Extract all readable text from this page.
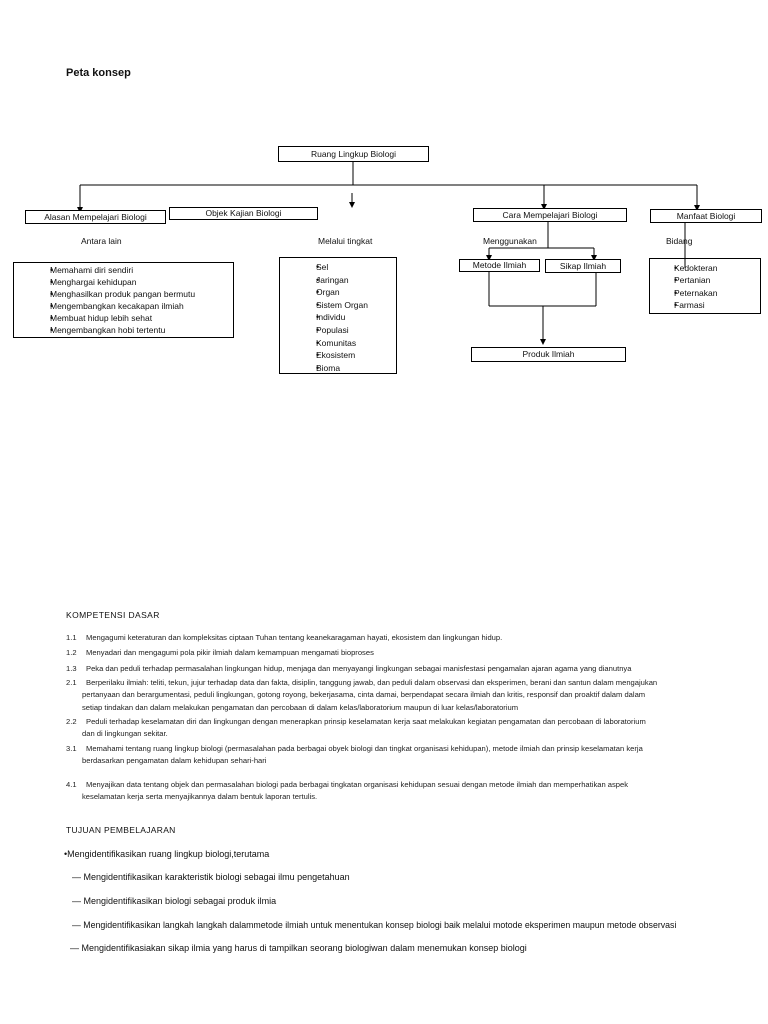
Peta konsep
Ruang Lingkup Biologi
Alasan Mempelajari Biologi	Objek Kajian Biologi	Cara Mempelajari Biologi	Manfaat Biologi
Antara lain	Melalui tingkat	Menggunakan	Bidang
• Memahami diri sendiri
• Menghargai kehidupan
• Menghasilkan produk pangan bermutu
• Mengembangkan kecakapan ilmiah
• Membuat hidup lebih sehat
• Mengembangkan hobi tertentu
• Sel
• Jaringan
• Organ
• Sistem Organ
• Individu
• Populasi
• Komunitas
• Ekosistem
• Bioma
Metode Ilmiah	Sikap Ilmiah
Produk Ilmiah
• Kedokteran
• Pertanian
• Peternakan
• Farmasi
KOMPETENSI DASAR
1.1 Mengagumi keteraturan dan kompleksitas ciptaan Tuhan tentang keanekaragaman hayati, ekosistem dan lingkungan hidup.
1.2 Menyadari dan mengagumi pola pikir ilmiah dalam kemampuan mengamati bioproses
1.3 Peka dan peduli terhadap permasalahan lingkungan hidup, menjaga dan menyayangi lingkungan sebagai manisfestasi pengamalan ajaran agama yang dianutnya
2.1 Berperilaku ilmiah: teliti, tekun, jujur terhadap data dan fakta, disiplin, tanggung jawab, dan peduli dalam observasi dan eksperimen, berani dan santun dalam mengajukan
pertanyaan dan berargumentasi, peduli lingkungan, gotong royong, bekerjasama, cinta damai, berpendapat secara ilmiah dan kritis, responsif dan proaktif dalam dalam
setiap tindakan dan dalam melakukan pengamatan dan percobaan di dalam kelas/laboratorium maupun di luar kelas/laboratorium
2.2 Peduli terhadap keselamatan diri dan lingkungan dengan menerapkan prinsip keselamatan kerja saat melakukan kegiatan pengamatan dan percobaan di laboratorium
dan di lingkungan sekitar.
3.1 Memahami tentang ruang lingkup biologi (permasalahan pada berbagai obyek biologi dan tingkat organisasi kehidupan), metode ilmiah dan prinsip keselamatan kerja
berdasarkan pengamatan dalam kehidupan sehari-hari
4.1 Menyajikan data tentang objek dan permasalahan biologi pada berbagai tingkatan organisasi kehidupan sesuai dengan metode ilmiah dan memperhatikan aspek
keselamatan kerja serta menyajikannya dalam bentuk laporan tertulis.
TUJUAN PEMBELAJARAN
•Mengidentifikasikan ruang lingkup biologi,terutama
— Mengidentifikasikan karakteristik biologi sebagai ilmu pengetahuan
— Mengidentifikasikan biologi sebagai produk ilmia
— Mengidentifikasikan langkah langkah dalammetode ilmiah untuk menentukan konsep biologi baik melalui motode eksperimen maupun metode observasi
— Mengidentifikasiakan sikap ilmia yang harus di tampilkan seorang biologiwan dalam menemukan konsep biologi
